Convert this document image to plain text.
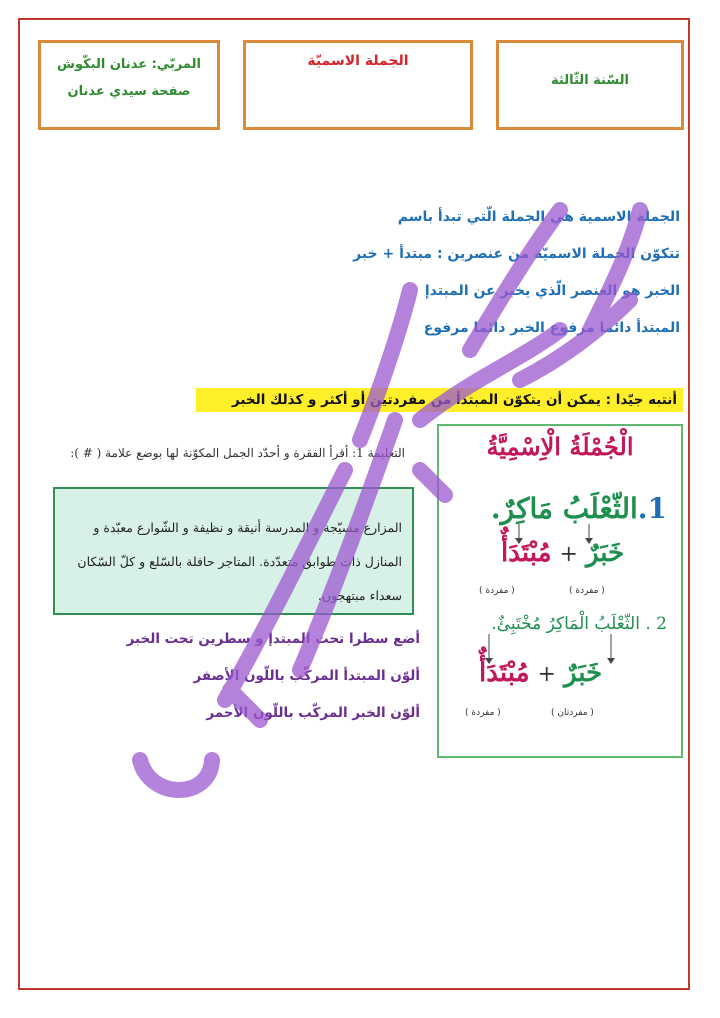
المربّي: عدنان البكّوش
صفحة سيدي عدنان
الجملة الاسميّة
السّنة الثّالثة
الجملة الاسمية هي الجملة الّتي تبدأ باسم
تتكوّن الجملة الاسميّة من عنصرين : مبتدأ + خبر
الخبر هو العنصر الّذي يخبر عن المبتدإ
المبتدأ دائما مرفوع الخبر دائما مرفوع
أنتبه جيّدا : يمكن أن يتكوّن المبتدأ من مفردتين أو أكثر و كذلك الخبر
التعليمة 1: أقرأ الفقرة و أحدّد الجمل المكوّنة لها بوضع علامة ( # ):
المزارع مسيّجة و المدرسة أنيقة و نظيفة و الشّوارع معبّدة و المنازل ذات طوابق متعدّدة. المتاجر حافلة بالسّلع و كلّ السّكان سعداء مبتهجون.
أضع سطرا تحت المبتدإ و سطرين تحت الخبر
ألوّن المبتدأ المركّب باللّون الأصفر
ألوّن الخبر المركّب باللّون الأحمر
الْجُمْلَةُ الْاِسْمِيَّةُ
1.الثّعْلَبُ مَاكِرٌ.
خَبَرٌ+مُبْتَدَأٌ
( مفردة )	( مفردة )
2 . الثّعْلَبُ الْمَاكِرُ مُخْتَبِئٌ.
خَبَرٌ+مُبْتَدَأٌ
( مفردة )	( مفردتان )
